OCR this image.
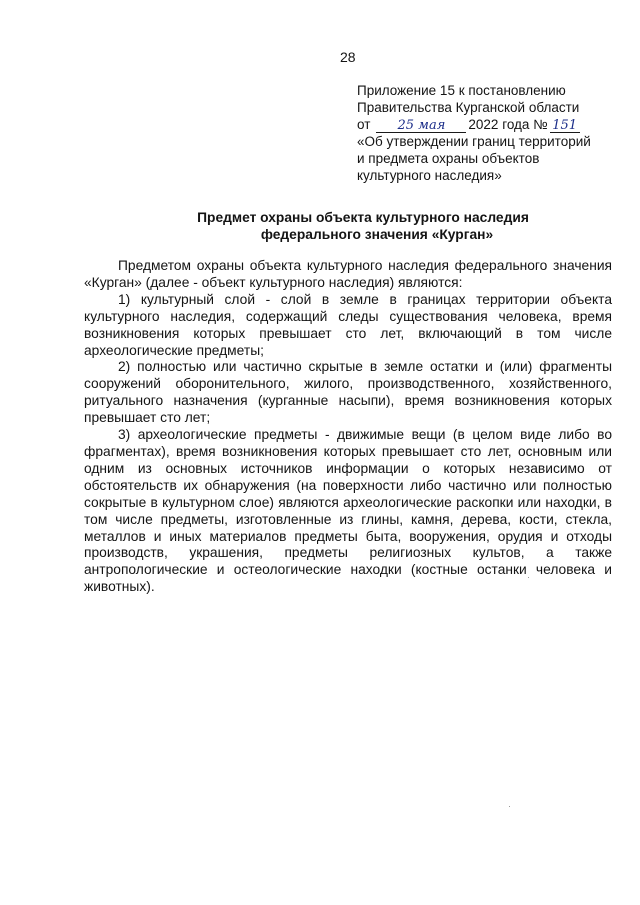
28
Приложение 15 к постановлению
Правительства Курганской области
от 25 мая 2022 года № 151
«Об утверждении границ территорий
и предмета охраны объектов
культурного наследия»
Предмет охраны объекта культурного наследия
федерального значения «Курган»

Предметом охраны объекта культурного наследия федерального значения «Курган» (далее - объект культурного наследия) являются:

1) культурный слой - слой в земле в границах территории объекта культурного наследия, содержащий следы существования человека, время возникновения которых превышает сто лет, включающий в том числе археологические предметы;

2) полностью или частично скрытые в земле остатки и (или) фрагменты сооружений оборонительного, жилого, производственного, хозяйственного, ритуального назначения (курганные насыпи), время возникновения которых превышает сто лет;

3) археологические предметы - движимые вещи (в целом виде либо во фрагментах), время возникновения которых превышает сто лет, основным или одним из основных источников информации о которых независимо от обстоятельств их обнаружения (на поверхности либо частично или полностью сокрытые в культурном слое) являются археологические раскопки или находки, в том числе предметы, изготовленные из глины, камня, дерева, кости, стекла, металлов и иных материалов предметы быта, вооружения, орудия и отходы производств, украшения, предметы религиозных культов, а также антропологические и остеологические находки (костные останки человека и животных).
